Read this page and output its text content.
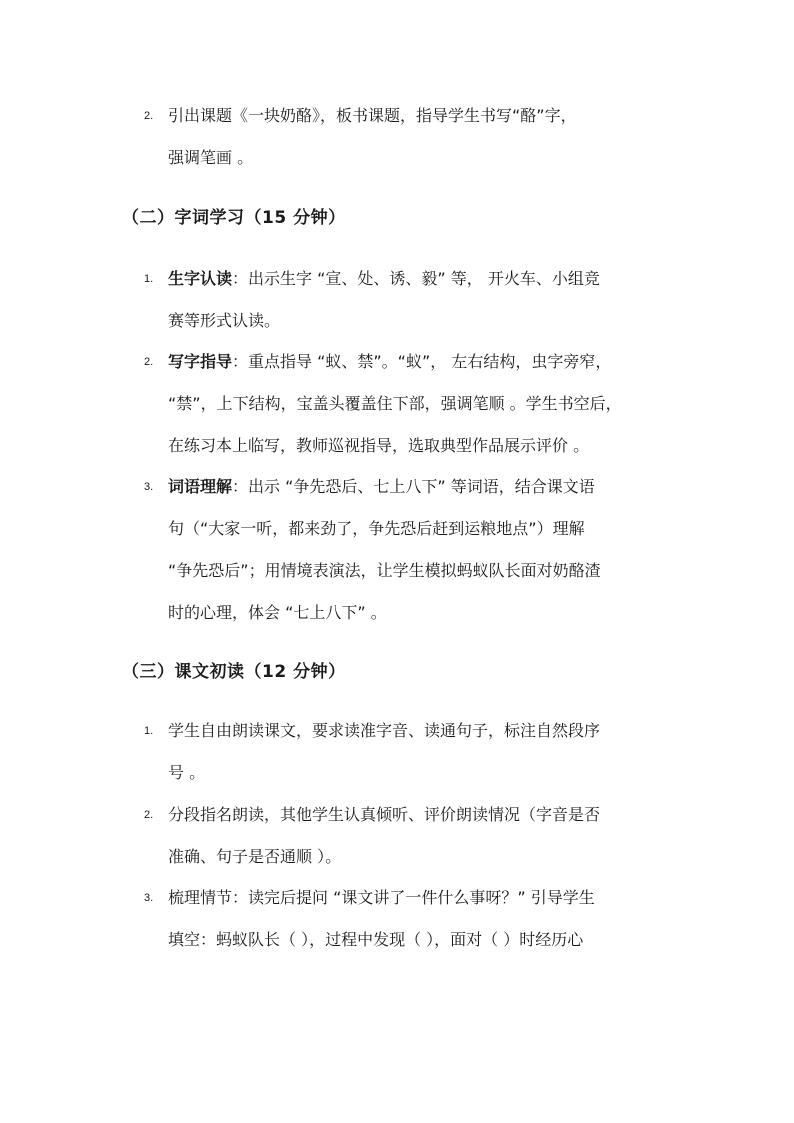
2. 引出课题《一块奶酪》，板书课题，指导学生书写“酪”字，

强调笔画 。

（二）字词学习（15 分钟）
1. 生字认读：出示生字 “宣、处、诱、毅” 等， 开火车、小组竞

赛等形式认读。

2. 写字指导：重点指导 “蚁、禁”。“蚁”， 左右结构，虫字旁窄，

“禁”，上下结构，宝盖头覆盖住下部，强调笔顺 。学生书空后，

在练习本上临写，教师巡视指导，选取典型作品展示评价 。

3. 词语理解：出示 “争先恐后、七上八下” 等词语，结合课文语

句（“大家一听，都来劲了，争先恐后赶到运粮地点”）理解

“争先恐后”；用情境表演法，让学生模拟蚂蚁队长面对奶酪渣

时的心理，体会 “七上八下” 。

（三）课文初读（12 分钟）
1. 学生自由朗读课文，要求读准字音、读通句子，标注自然段序

号 。

2. 分段指名朗读，其他学生认真倾听、评价朗读情况（字音是否

准确、句子是否通顺 ）。

3. 梳理情节：读完后提问 “课文讲了一件什么事呀？” 引导学生

填空：蚂蚁队长（ ），过程中发现（ ），面对（ ）时经历心
